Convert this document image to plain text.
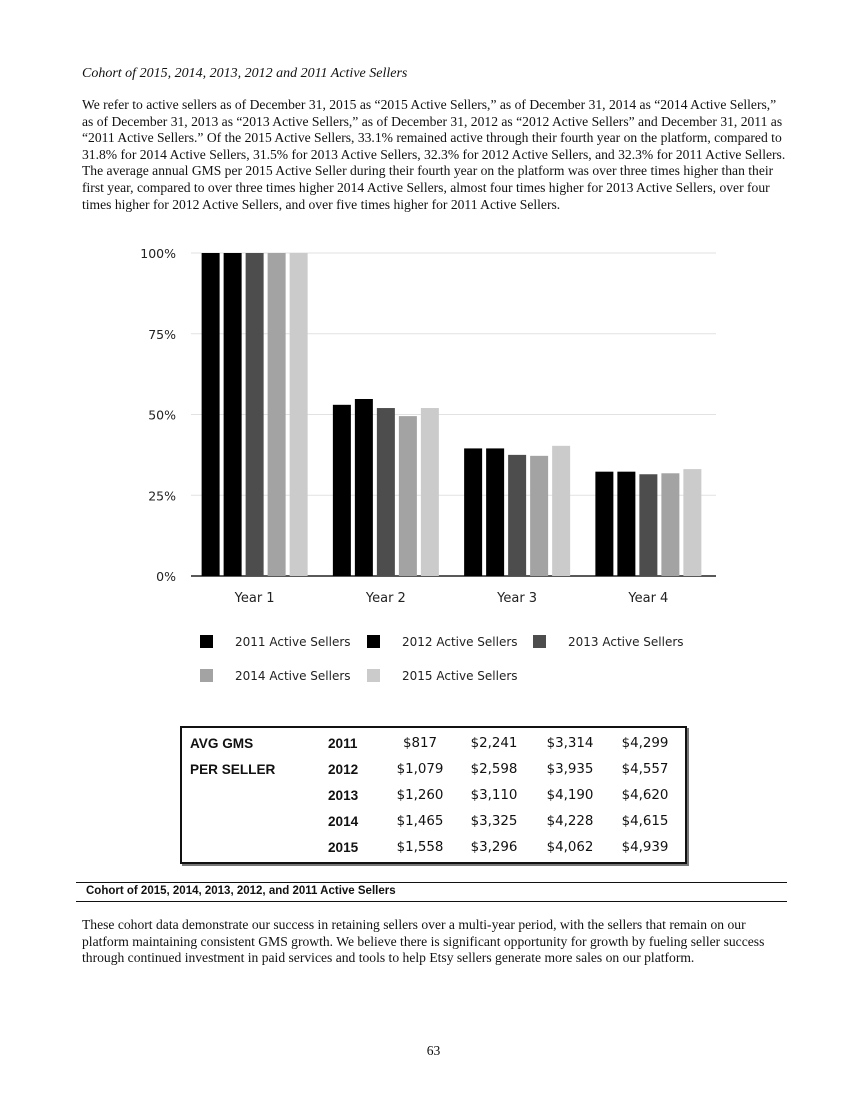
Cohort of 2015, 2014, 2013, 2012 and 2011 Active Sellers

We refer to active sellers as of December 31, 2015 as “2015 Active Sellers,” as of December 31, 2014 as “2014 Active Sellers,” as of December 31, 2013 as “2013 Active Sellers,” as of December 31, 2012 as “2012 Active Sellers” and December 31, 2011 as “2011 Active Sellers.” Of the 2015 Active Sellers, 33.1% remained active through their fourth year on the platform, compared to 31.8% for 2014 Active Sellers, 31.5% for 2013 Active Sellers, 32.3% for 2012 Active Sellers, and 32.3% for 2011 Active Sellers. The average annual GMS per 2015 Active Seller during their fourth year on the platform was over three times higher than their first year, compared to over three times higher 2014 Active Sellers, almost four times higher for 2013 Active Sellers, over four times higher for 2012 Active Sellers, and over five times higher for 2011 Active Sellers.

100%
75%
50%
25%
0%
Year 1	Year 2	Year 3	Year 4
2011 Active Sellers	2012 Active Sellers	2013 Active Sellers
2014 Active Sellers	2015 Active Sellers
AVG GMS
PER SELLER
2011	$817	$2,241	$3,314	$4,299
2012	$1,079	$2,598	$3,935	$4,557
2013	$1,260	$3,110	$4,190	$4,620
2014	$1,465	$3,325	$4,228	$4,615
2015	$1,558	$3,296	$4,062	$4,939
Cohort of 2015, 2014, 2013, 2012, and 2011 Active Sellers

These cohort data demonstrate our success in retaining sellers over a multi-year period, with the sellers that remain on our platform maintaining consistent GMS growth. We believe there is significant opportunity for growth by fueling seller success through continued investment in paid services and tools to help Etsy sellers generate more sales on our platform.

63
